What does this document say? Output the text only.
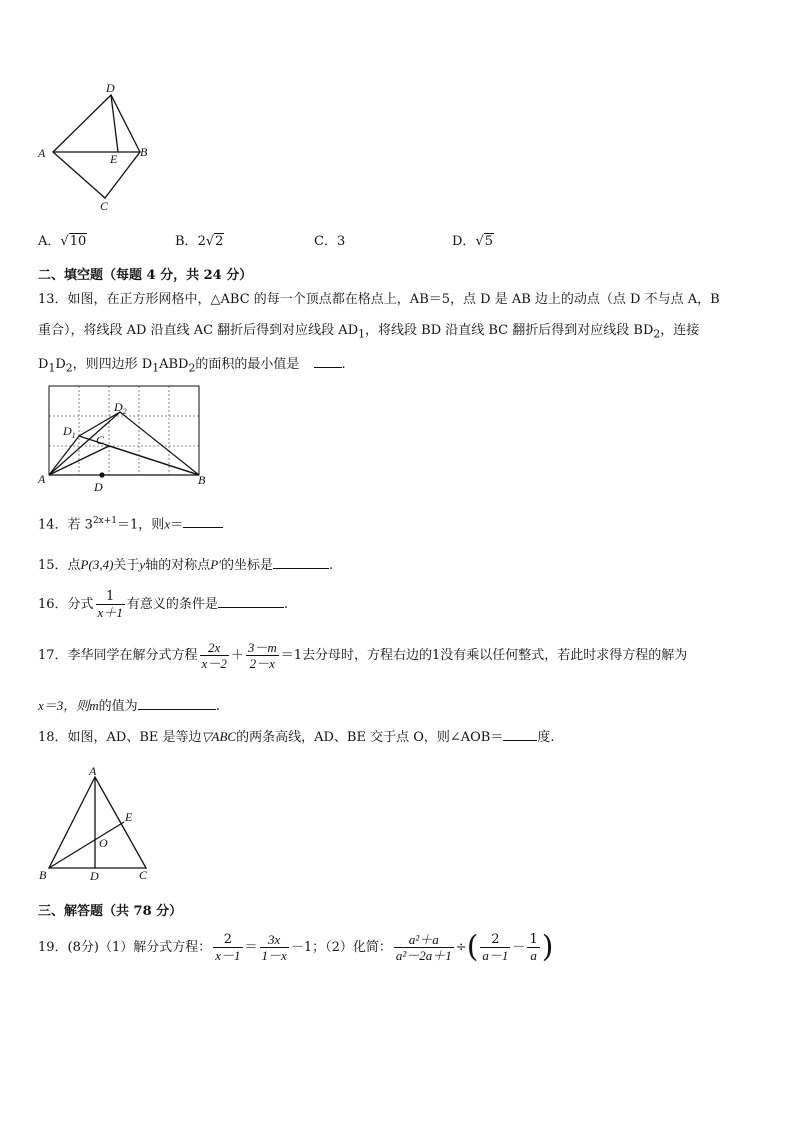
D
A	E B
C
A．√10	B．2√2	C．3	D．√5
二、填空题（每题 4 分，共 24 分）
13．如图，在正方形网格中，△ABC 的每一个顶点都在格点上，AB＝5，点 D 是 AB 边上的动点（点 D 不与点 A，B
重合），将线段 AD 沿直线 AC 翻折后得到对应线段 $AD_1$，将线段 BD 沿直线 BC 翻折后得到对应线段 $BD_2$，连接
$D_1D_2$，则四边形 $D_1ABD_2$的面积的最小值是	.
$D_2$
$D_1$ C
A
D	B
14．若 $3^{2x+1}=1$，则x＝
15．点P(3,4)关于y轴的对称点P′的坐标是	.
16．分式 $\frac{1}{x+1}$ 有意义的条件是	.
17．李华同学在解分式方程 $\frac{2x}{x-2} + \frac{3-m}{2-x} =1$去分母时，方程右边的1没有乘以任何整式，若此时求得方程的解为
x＝3，则m的值为	.
18．如图，AD、BE 是等边▽ABC的两条高线，AD、BE 交于点 O，则∠AOB＝	度.
A
E
O
B	D	C
三、解答题（共 78 分）
19．(8分)（1）解分式方程： $\frac{2}{x-1} = \frac{3x}{1-x} -1$；（2）化简： $\frac{\text{a²＋a}}{\text{a²－2a＋1}}$ ÷( $\frac{2}{a-1} - \frac{1}{a}$ )
